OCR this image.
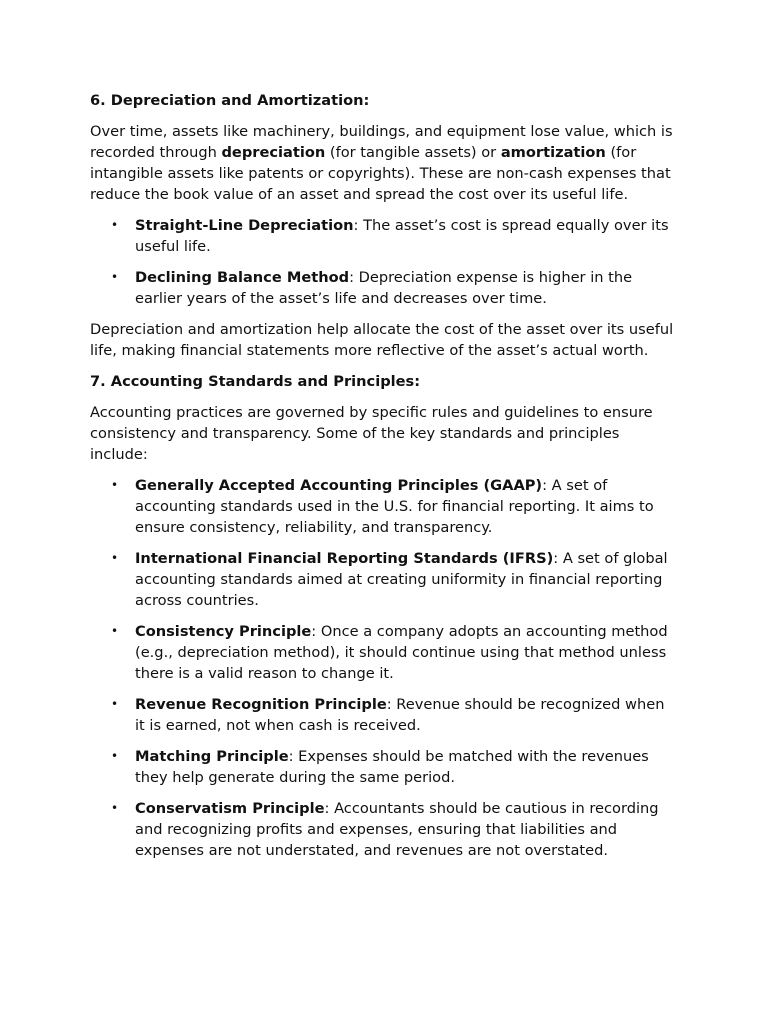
6. Depreciation and Amortization:

Over time, assets like machinery, buildings, and equipment lose value, which is recorded through depreciation (for tangible assets) or amortization (for intangible assets like patents or copyrights). These are non-cash expenses that reduce the book value of an asset and spread the cost over its useful life.

• Straight-Line Depreciation: The asset’s cost is spread equally over its useful life.
• Declining Balance Method: Depreciation expense is higher in the earlier years of the asset’s life and decreases over time.

Depreciation and amortization help allocate the cost of the asset over its useful life, making financial statements more reflective of the asset’s actual worth.

7. Accounting Standards and Principles:

Accounting practices are governed by specific rules and guidelines to ensure consistency and transparency. Some of the key standards and principles include:

• Generally Accepted Accounting Principles (GAAP): A set of accounting standards used in the U.S. for financial reporting. It aims to ensure consistency, reliability, and transparency.
• International Financial Reporting Standards (IFRS): A set of global accounting standards aimed at creating uniformity in financial reporting across countries.
• Consistency Principle: Once a company adopts an accounting method (e.g., depreciation method), it should continue using that method unless there is a valid reason to change it.
• Revenue Recognition Principle: Revenue should be recognized when it is earned, not when cash is received.
• Matching Principle: Expenses should be matched with the revenues they help generate during the same period.
• Conservatism Principle: Accountants should be cautious in recording and recognizing profits and expenses, ensuring that liabilities and expenses are not understated, and revenues are not overstated.
